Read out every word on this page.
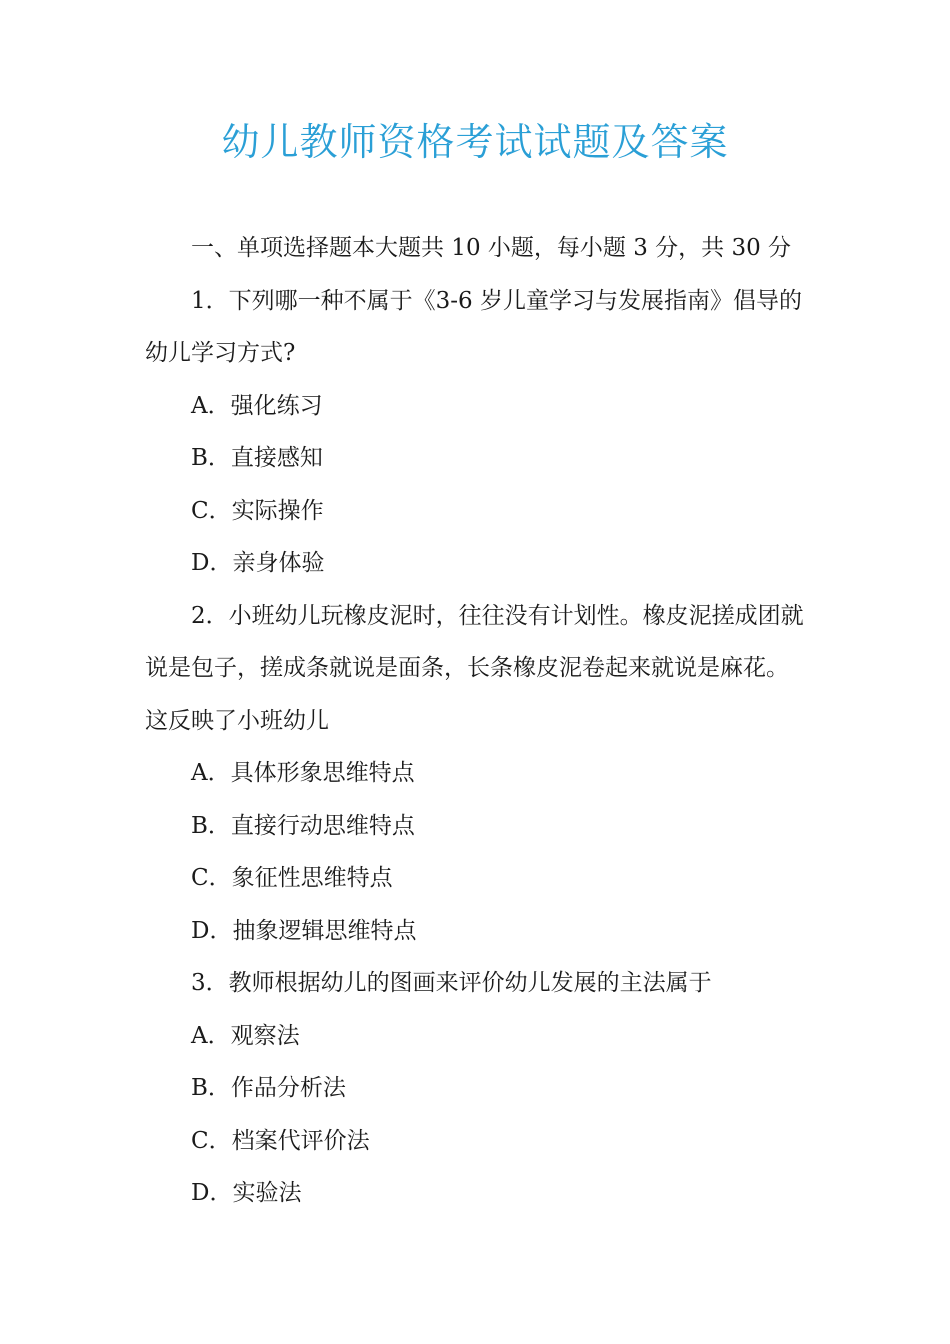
幼儿教师资格考试试题及答案

一、单项选择题本大题共 10 小题，每小题 3 分，共 30 分

1．下列哪一种不属于《3-6 岁儿童学习与发展指南》倡导的幼儿学习方式?

A．强化练习

B．直接感知

C．实际操作

D．亲身体验

2．小班幼儿玩橡皮泥时，往往没有计划性。橡皮泥搓成团就说是包子，搓成条就说是面条，长条橡皮泥卷起来就说是麻花。这反映了小班幼儿

A．具体形象思维特点

B．直接行动思维特点

C．象征性思维特点

D．抽象逻辑思维特点

3．教师根据幼儿的图画来评价幼儿发展的主法属于

A．观察法

B．作品分析法

C．档案代评价法

D．实验法
